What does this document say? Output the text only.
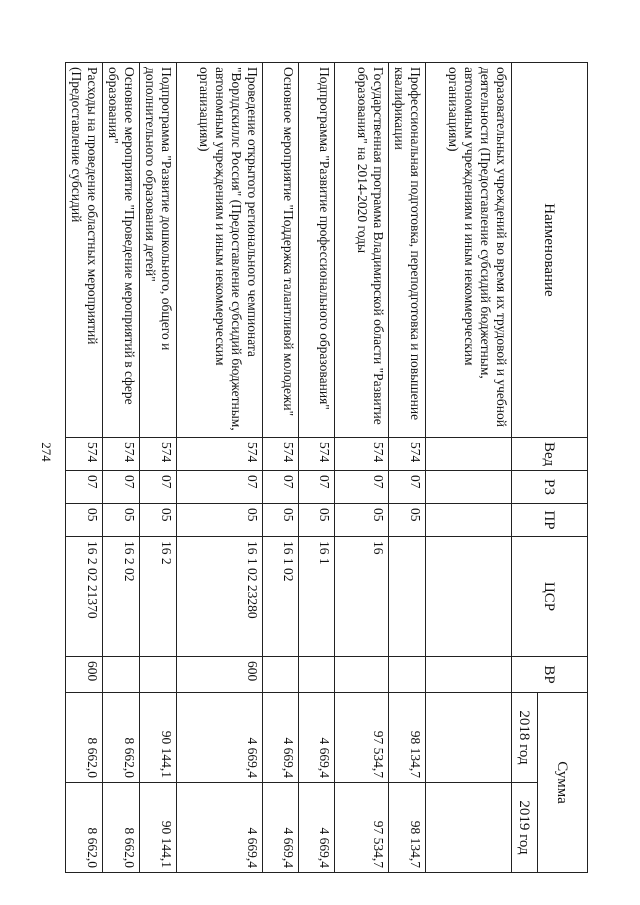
274
Наименование	Вед	РЗ	ПР	ЦСР	ВР	Сумма	
						2018 год	2019 год
образовательных учреждений во время их трудовой и учебной деятельности (Предоставление субсидий бюджетным, автономным учреждениям и иным некоммерческим организациям)							
Профессиональная подготовка, переподготовка и повышение квалификации	574	07	05			98 134,7	98 134,7
Государственная программа Владимирской области "Развитие образования" на 2014-2020 годы	574	07	05	16		97 534,7	97 534,7
Подпрограмма "Развитие профессионального образования"	574	07	05	16 1		4 669,4	4 669,4
Основное мероприятие "Поддержка талантливой молодежи"	574	07	05	16 1 02		4 669,4	4 669,4
Проведение открытого регионального чемпионата "Ворлдскиллс Россия" (Предоставление субсидий бюджетным, автономным учреждениям и иным некоммерческим организациям)	574	07	05	16 1 02 23280	600	4 669,4	4 669,4
Подпрограмма "Развитие дошкольного, общего и дополнительного образования детей"	574	07	05	16 2		90 144,1	90 144,1
Основное мероприятие "Проведение мероприятий в сфере образования"	574	07	05	16 2 02		8 662,0	8 662,0
Расходы на проведение областных мероприятий (Предоставление субсидий	574	07	05	16 2 02 21370	600	8 662,0	8 662,0
